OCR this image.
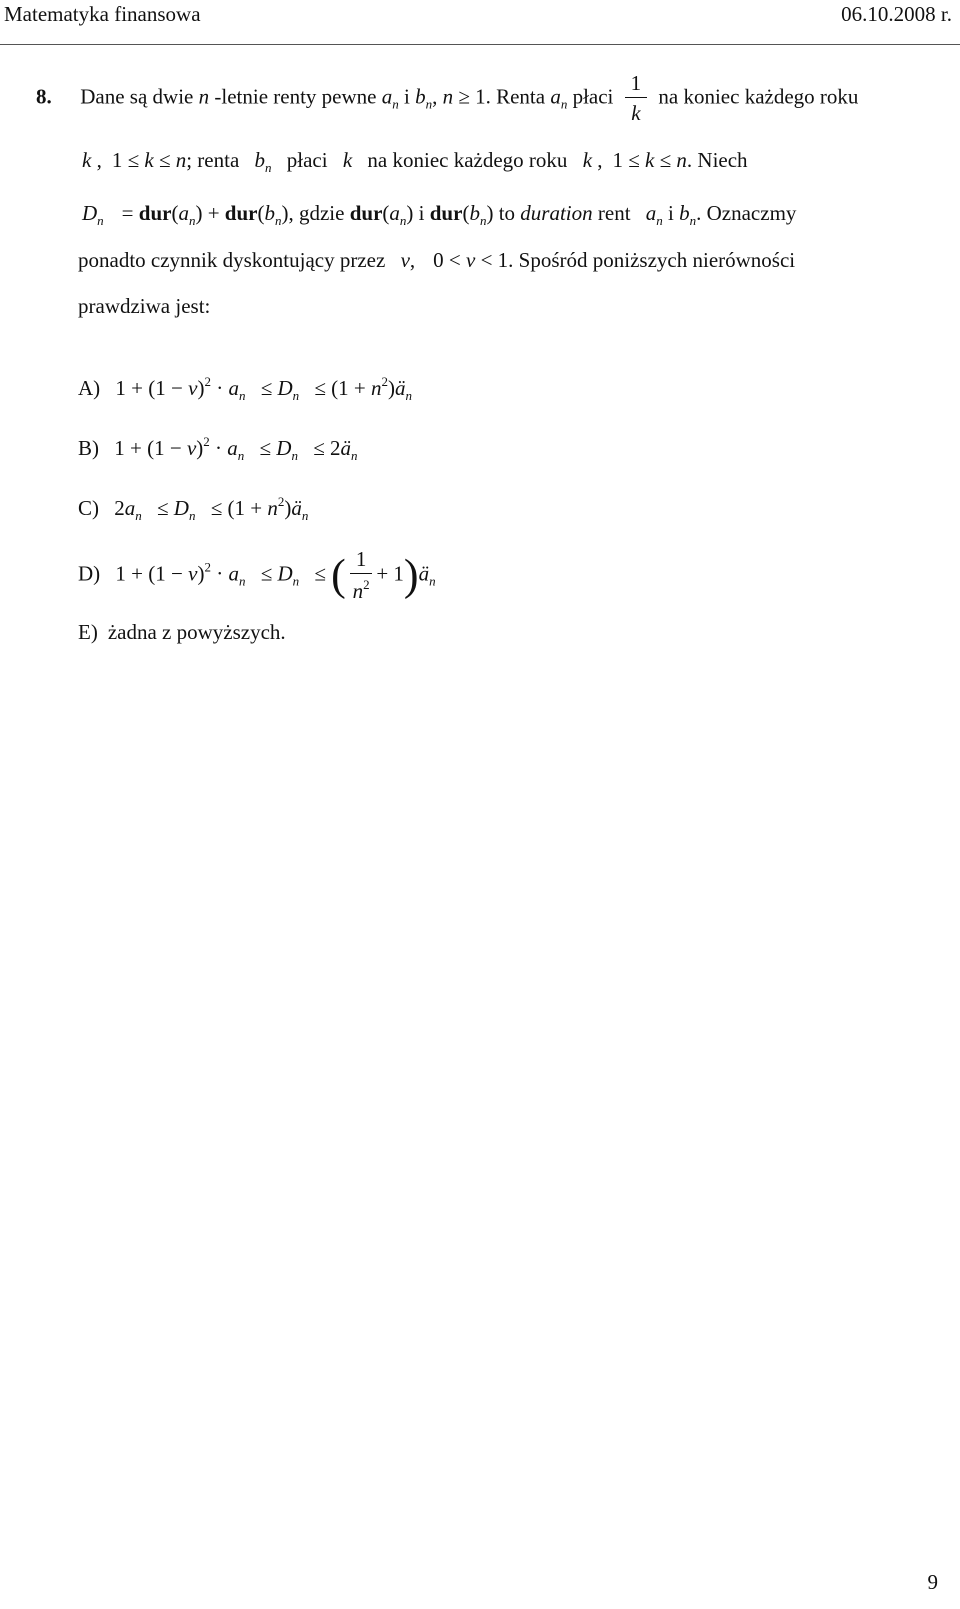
Matematyka finansowa	06.10.2008 r.
8. Dane są dwie n -letnie renty pewne $a_n$ i $b_n$, n ≥ 1. Renta $a_n$ płaci $\frac{1}{k}$ na koniec każdego roku
k , 1 ≤ k ≤ n; renta $b_n$ płaci k na koniec każdego roku k , 1 ≤ k ≤ n. Niech
$D_n = dur(a_n) + dur(b_n)$, gdzie $dur(a_n)$ i $dur(b_n)$ to duration rent $a_n$ i $b_n$. Oznaczmy
ponadto czynnik dyskontujący przez v, 0 < v < 1. Spośród poniższych nierówności
prawdziwa jest:
A) $1 + (1 - v)^2 \cdot a_n \le D_n \le (1$ + $n^2)ä_n$
B) $1 + (1 - v)^2 \cdot a_n \le D_n$ ≤ $2ä_n$
C) $2a_n \le D_n \le (1$ + $n^2)ä_n$
D) $1 + (1 - v)^2 \cdot a_n \le D_n$ ≤ ( $\frac{1}{n^2}$ + $1)ä_n$
E) żadna z powyższych.
9
